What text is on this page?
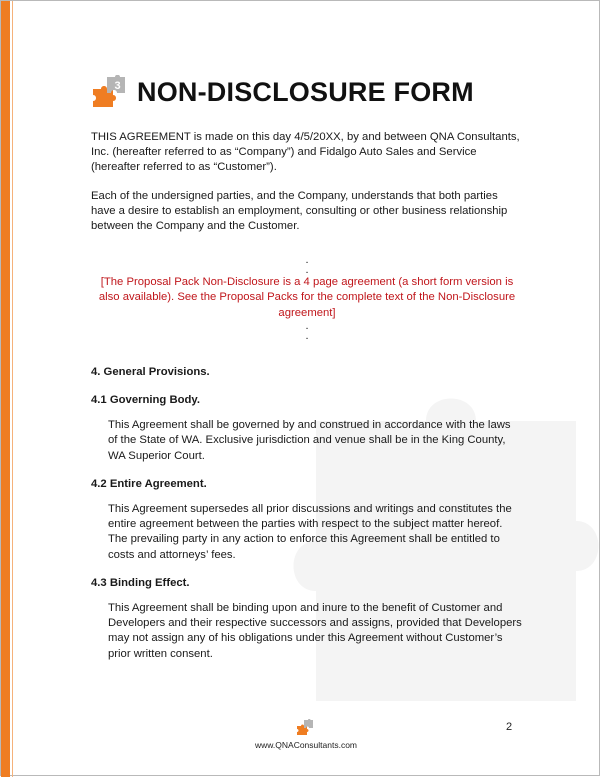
3 NON-DISCLOSURE FORM

THIS AGREEMENT is made on this day 4/5/20XX, by and between QNA Consultants, Inc. (hereafter referred to as “Company”) and Fidalgo Auto Sales and Service (hereafter referred to as “Customer”).

Each of the undersigned parties, and the Company, understands that both parties have a desire to establish an employment, consulting or other business relationship between the Company and the Customer.

.
.

[The Proposal Pack Non-Disclosure is a 4 page agreement (a short form version is also available). See the Proposal Packs for the complete text of the Non-Disclosure agreement]

.
.

4. General Provisions.

4.1 Governing Body.

This Agreement shall be governed by and construed in accordance with the laws of the State of WA. Exclusive jurisdiction and venue shall be in the King County, WA Superior Court.

4.2 Entire Agreement.

This Agreement supersedes all prior discussions and writings and constitutes the entire agreement between the parties with respect to the subject matter hereof. The prevailing party in any action to enforce this Agreement shall be entitled to costs and attorneys’ fees.

4.3 Binding Effect.

This Agreement shall be binding upon and inure to the benefit of Customer and Developers and their respective successors and assigns, provided that Developers may not assign any of his obligations under this Agreement without Customer’s prior written consent.

www.QNAConsultants.com
2
